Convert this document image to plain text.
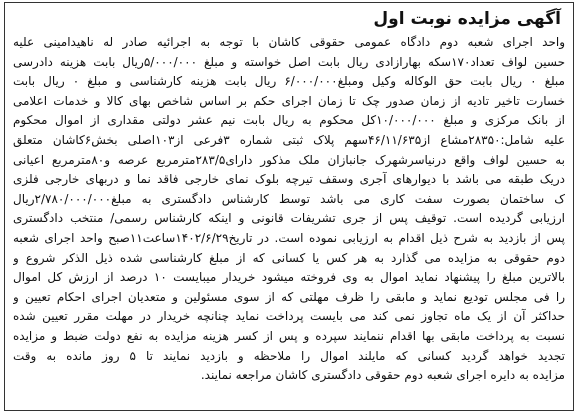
آگهی مزایده نوبت اول
واحد اجرای شعبه دوم دادگاه عمومی حقوقی کاشان با توجه به اجرائیه صادر له ناهیدامینی علیه
حسین لواف تعداد۱۷۰سکه بهارازادی ریال بابت اصل خواسته و مبلغ ۵/۰۰۰/۰۰۰ریال بابت هزینه دادرسی
مبلغ ۰ ریال بابت حق الوکاله وکیل ومبلغ۶/۰۰۰/۰۰۰ ریال بابت هزینه کارشناسی و مبلغ ۰ ریال بابت
خسارت تاخیر تادیه از زمان صدور چک تا زمان اجرای حکم بر اساس شاخص بهای کالا و خدمات اعلامی
از بانک مرکزی و مبلغ ۱۰/۰۰۰/۰۰۰کل محکوم به ریال بابت نیم عشر دولتی مقداری از اموال محکوم
علیه شامل:۲۸۳۵۰مشاع از۴۶/۱۱/۶۳۵سهم پلاک ثبتی شماره ۳فرعی از۱۰۳اصلی بخش۶کاشان متعلق
به حسین لواف واقع درنیاسرشهرک جانبازان ملک مذکور دارای۲۸۳/۵مترمربع عرصه و۸۰مترمربع اعیانی
دریک طبقه می باشد با دیوارهای آجری وسقف تیرچه بلوک نمای خارجی فاقد نما و دربهای خارجی فلزی
ک ساختمان بصورت سفت کاری می باشد توسط کارشناس دادگستری به مبلغ۲/۷۸۰/۰۰۰/۰۰۰ریال
ارزیابی گردیده است. توقیف پس از جری تشریفات قانونی و اینکه کارشناس رسمی/ منتخب دادگستری
پس از بازدید به شرح ذیل اقدام به ارزیابی نموده است. در تاریخ۱۴۰۲/۶/۲۹ساعت۱۱صبح واحد اجرای شعبه
دوم حقوقی به مزایده می گذارد به هر کس یا کسانی که از مبلغ کارشناسی شده ذیل الذکر شروع و
بالاترین مبلغ را پیشنهاد نماید اموال به وی فروخته میشود خریدار میبایست ۱۰ درصد از ارزش کل اموال
را فی مجلس تودیع نماید و مابقی را ظرف مهلتی که از سوی مسئولین و متعدیان اجرای احکام تعیین و
حداکثر آن از یک ماه تجاوز نمی کند می بایست پرداخت نماید چنانچه خریدار در مهلت مقرر تعیین شده
نسبت به پرداخت مابقی بها اقدام ننمایند سپرده و پس از کسر هزینه مزایده به نفع دولت ضبط و مزایده
تجدید خواهد گردید کسانی که مایلند اموال را ملاحظه و بازدید نمایند تا ۵ روز مانده به وقت
مزایده به دایره اجرای شعبه دوم حقوقی دادگستری کاشان مراجعه نمایند.
